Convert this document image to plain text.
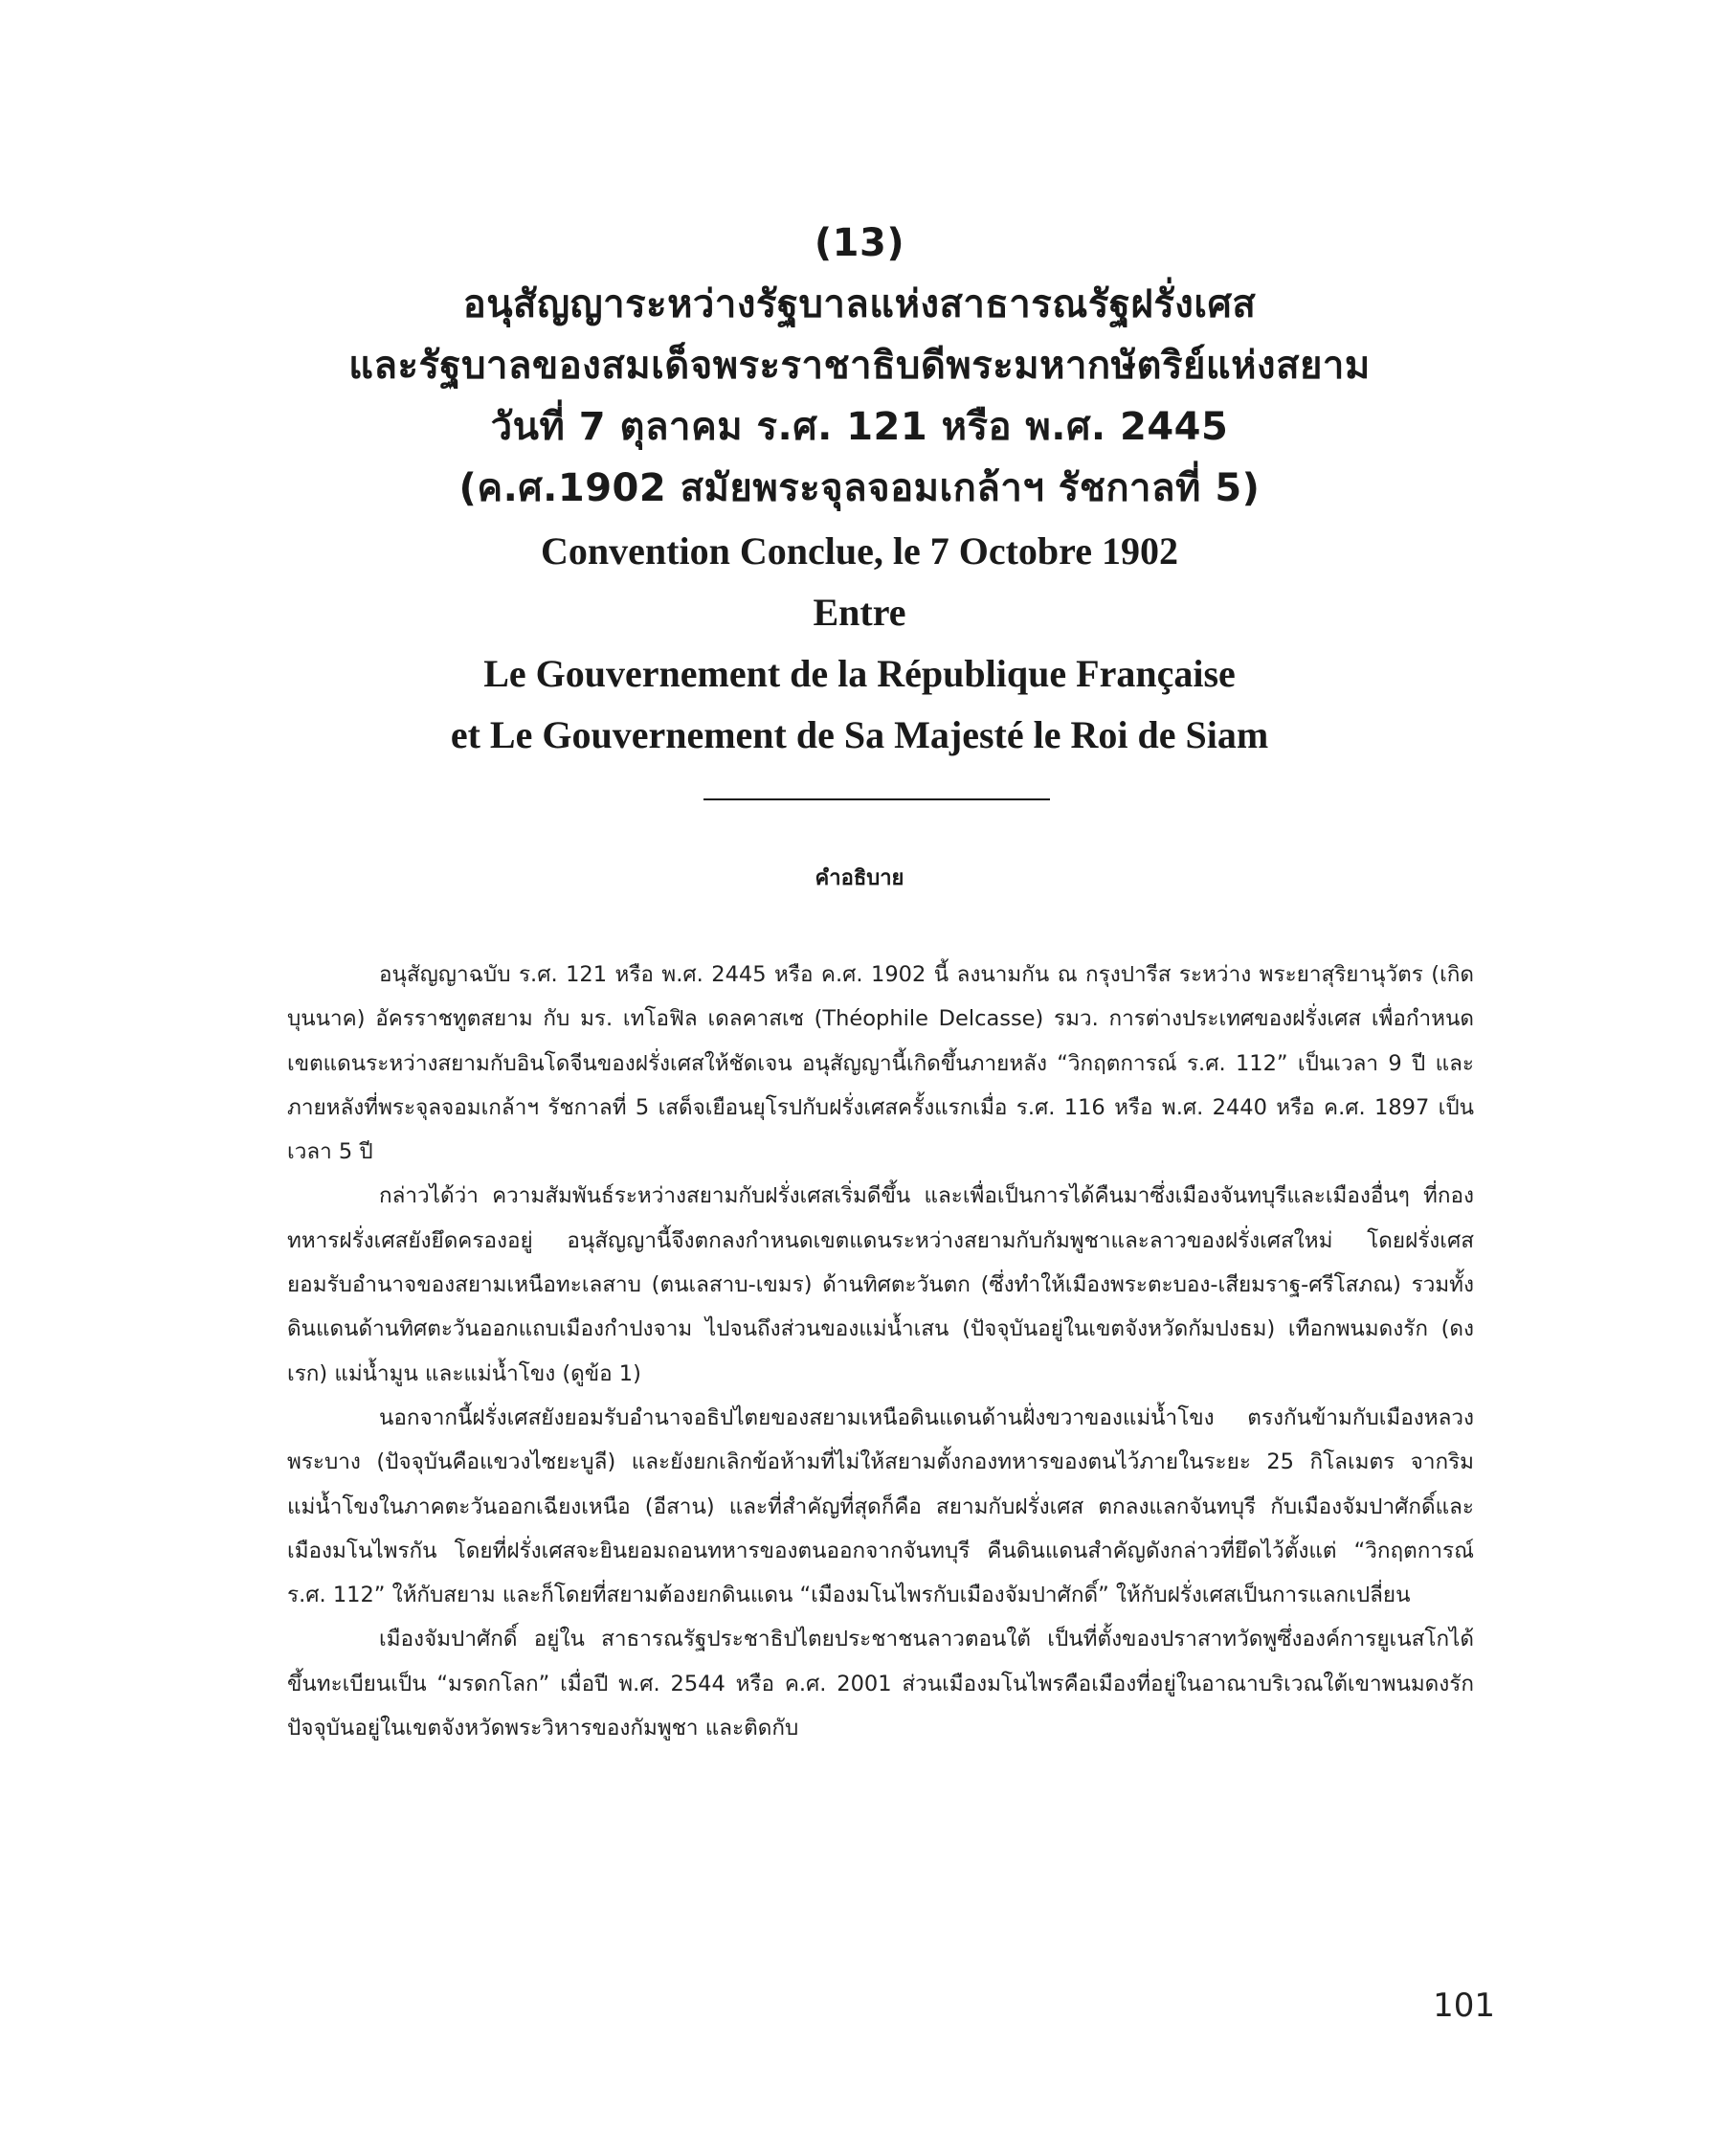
(13)

อนุสัญญาระหว่างรัฐบาลแห่งสาธารณรัฐฝรั่งเศส

และรัฐบาลของสมเด็จพระราชาธิบดีพระมหากษัตริย์แห่งสยาม

วันที่ 7 ตุลาคม ร.ศ. 121 หรือ พ.ศ. 2445

(ค.ศ.1902 สมัยพระจุลจอมเกล้าฯ รัชกาลที่ 5)

Convention Conclue, le 7 Octobre 1902

Entre

Le Gouvernement de la République Française

et Le Gouvernement de Sa Majesté le Roi de Siam

คำอธิบาย

อนุสัญญาฉบับ ร.ศ. 121 หรือ พ.ศ. 2445 หรือ ค.ศ. 1902 นี้ ลงนามกัน ณ กรุงปารีส ระหว่าง พระยาสุริยานุวัตร (เกิด บุนนาค) อัครราชทูตสยาม กับ มร. เทโอฟิล เดลคาสเซ (Théophile Delcasse) รมว. การต่างประเทศของฝรั่งเศส เพื่อกำหนดเขตแดนระหว่างสยามกับอินโดจีนของฝรั่งเศสให้ชัดเจน อนุสัญญานี้เกิดขึ้นภายหลัง “วิกฤตการณ์ ร.ศ. 112” เป็นเวลา 9 ปี และภายหลังที่พระจุลจอมเกล้าฯ รัชกาลที่ 5 เสด็จเยือนยุโรปกับฝรั่งเศสครั้งแรกเมื่อ ร.ศ. 116 หรือ พ.ศ. 2440 หรือ ค.ศ. 1897 เป็นเวลา 5 ปี

กล่าวได้ว่า ความสัมพันธ์ระหว่างสยามกับฝรั่งเศสเริ่มดีขึ้น และเพื่อเป็นการได้คืนมาซึ่งเมืองจันทบุรีและเมืองอื่นๆ ที่กองทหารฝรั่งเศสยังยึดครองอยู่ อนุสัญญานี้จึงตกลงกำหนดเขตแดนระหว่างสยามกับกัมพูชาและลาวของฝรั่งเศสใหม่ โดยฝรั่งเศสยอมรับอำนาจของสยามเหนือทะเลสาบ (ตนเลสาบ-เขมร) ด้านทิศตะวันตก (ซึ่งทำให้เมืองพระตะบอง-เสียมราฐ-ศรีโสภณ) รวมทั้งดินแดนด้านทิศตะวันออกแถบเมืองกำปงจาม ไปจนถึงส่วนของแม่น้ำเสน (ปัจจุบันอยู่ในเขตจังหวัดกัมปงธม) เทือกพนมดงรัก (ดงเรก) แม่น้ำมูน และแม่น้ำโขง (ดูข้อ 1)

นอกจากนี้ฝรั่งเศสยังยอมรับอำนาจอธิปไตยของสยามเหนือดินแดนด้านฝั่งขวาของแม่น้ำโขง ตรงกันข้ามกับเมืองหลวงพระบาง (ปัจจุบันคือแขวงไซยะบูลี) และยังยกเลิกข้อห้ามที่ไม่ให้สยามตั้งกองทหารของตนไว้ภายในระยะ 25 กิโลเมตร จากริมแม่น้ำโขงในภาคตะวันออกเฉียงเหนือ (อีสาน) และที่สำคัญที่สุดก็คือ สยามกับฝรั่งเศส ตกลงแลกจันทบุรี กับเมืองจัมปาศักดิ์และเมืองมโนไพรกัน โดยที่ฝรั่งเศสจะยินยอมถอนทหารของตนออกจากจันทบุรี คืนดินแดนสำคัญดังกล่าวที่ยึดไว้ตั้งแต่ “วิกฤตการณ์ ร.ศ. 112” ให้กับสยาม และก็โดยที่สยามต้องยกดินแดน “เมืองมโนไพรกับเมืองจัมปาศักดิ์” ให้กับฝรั่งเศสเป็นการแลกเปลี่ยน

เมืองจัมปาศักดิ์ อยู่ใน สาธารณรัฐประชาธิปไตยประชาชนลาวตอนใต้ เป็นที่ตั้งของปราสาทวัดพูซึ่งองค์การยูเนสโกได้ขึ้นทะเบียนเป็น “มรดกโลก” เมื่อปี พ.ศ. 2544 หรือ ค.ศ. 2001 ส่วนเมืองมโนไพรคือเมืองที่อยู่ในอาณาบริเวณใต้เขาพนมดงรัก ปัจจุบันอยู่ในเขตจังหวัดพระวิหารของกัมพูชา และติดกับ

101
